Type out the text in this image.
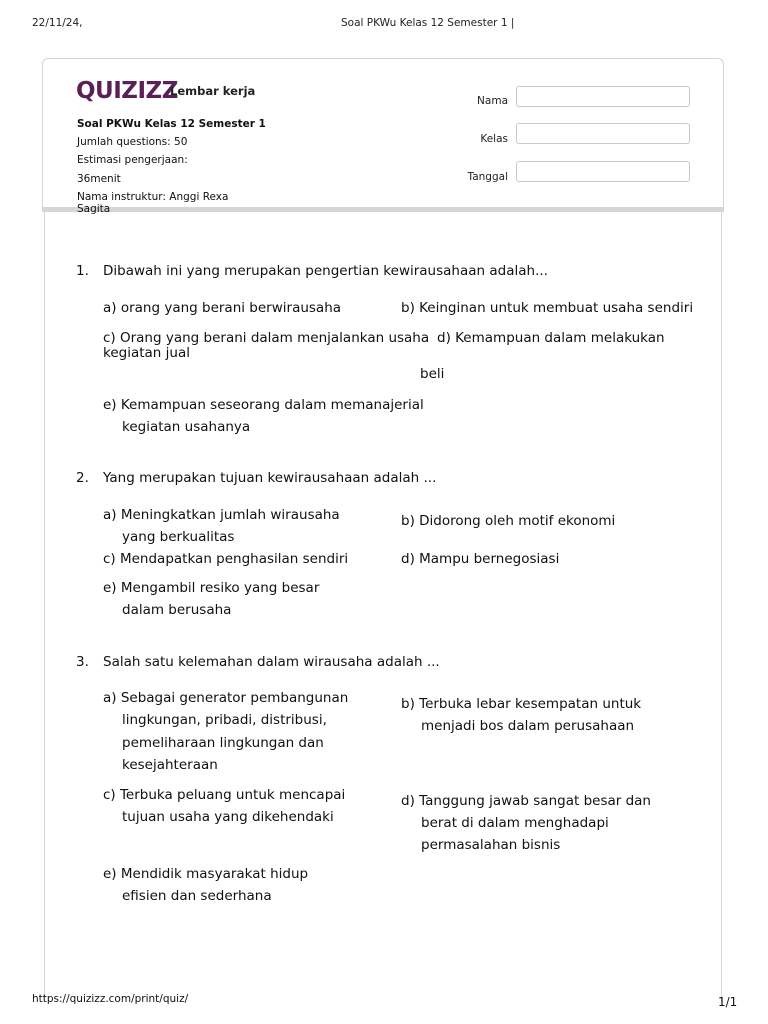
22/11/24,	Soal PKWu Kelas 12 Semester 1 |
QUIZIZZ
Lembar kerja
Soal PKWu Kelas 12 Semester 1
Jumlah questions: 50
Estimasi pengerjaan:
36menit
Nama instruktur: Anggi Rexa
Sagita
Nama
Kelas
Tanggal
1. Dibawah ini yang merupakan pengertian kewirausahaan adalah...
a) orang yang berani berwirausaha	b) Keinginan untuk membuat usaha sendiri
c) Orang yang berani dalam menjalankan usaha d) Kemampuan dalam melakukan
kegiatan jual
beli
e) Kemampuan seseorang dalam memanajerial
kegiatan usahanya
2. Yang merupakan tujuan kewirausahaan adalah ...
a) Meningkatkan jumlah wirausaha
yang berkualitas
b) Didorong oleh motif ekonomi
c) Mendapatkan penghasilan sendiri	d) Mampu bernegosiasi
e) Mengambil resiko yang besar
dalam berusaha
3. Salah satu kelemahan dalam wirausaha adalah ...
a) Sebagai generator pembangunan
lingkungan, pribadi, distribusi,
pemeliharaan lingkungan dan
kesejahteraan
b) Terbuka lebar kesempatan untuk
menjadi bos dalam perusahaan
c) Terbuka peluang untuk mencapai
tujuan usaha yang dikehendaki
d) Tanggung jawab sangat besar dan
berat di dalam menghadapi
permasalahan bisnis
e) Mendidik masyarakat hidup
efisien dan sederhana
https://quizizz.com/print/quiz/	1/1
